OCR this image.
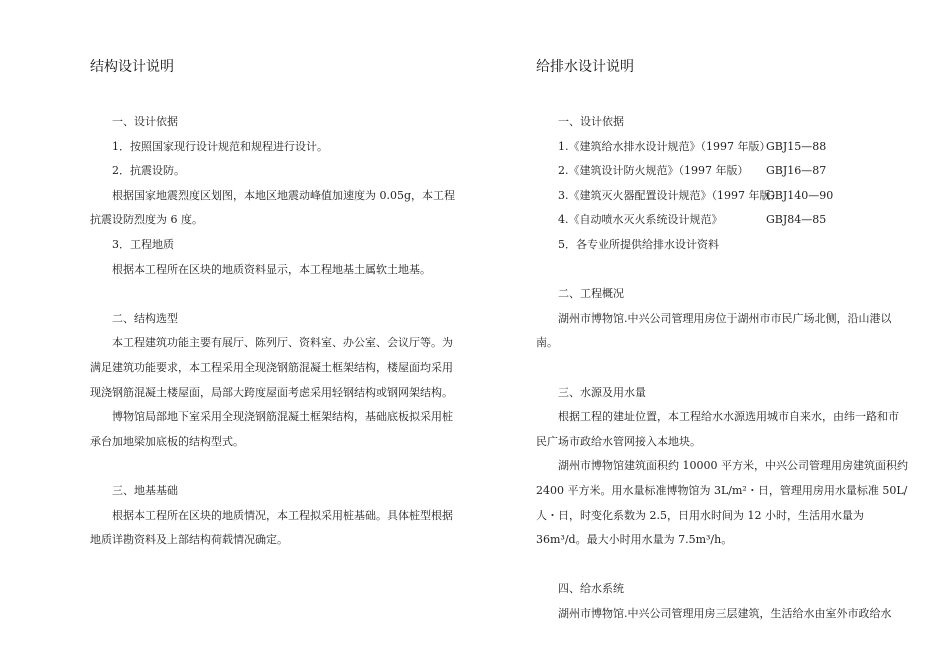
结构设计说明

一、设计依据

1．按照国家现行设计规范和规程进行设计。

2．抗震设防。

根据国家地震烈度区划图，本地区地震动峰值加速度为 0.05g，本工程抗震设防烈度为 6 度。

3．工程地质

根据本工程所在区块的地质资料显示，本工程地基土属软土地基。

二、结构选型

本工程建筑功能主要有展厅、陈列厅、资料室、办公室、会议厅等。为满足建筑功能要求，本工程采用全现浇钢筋混凝土框架结构，楼屋面均采用现浇钢筋混凝土楼屋面，局部大跨度屋面考虑采用轻钢结构或钢网架结构。

博物馆局部地下室采用全现浇钢筋混凝土框架结构，基础底板拟采用桩承台加地梁加底板的结构型式。

三、地基基础

根据本工程所在区块的地质情况，本工程拟采用桩基础。具体桩型根据地质详勘资料及上部结构荷载情况确定。

给排水设计说明

一、设计依据

1.《建筑给水排水设计规范》（1997 年版）
GBJ15—88
2.《建筑设计防火规范》（1997 年版）	GBJ16—87
3.《建筑灭火器配置设计规范》（1997 年版）
GBJ140—90
4.《自动喷水灭火系统设计规范》	GBJ84—85

5．各专业所提供给排水设计资料

二、工程概况

湖州市博物馆.中兴公司管理用房位于湖州市市民广场北侧，沿山港以南。

三、水源及用水量

根据工程的建址位置，本工程给水水源选用城市自来水，由纬一路和市民广场市政给水管网接入本地块。

湖州市博物馆建筑面积约 10000 平方米，中兴公司管理用房建筑面积约 2400 平方米。用水量标准博物馆为 3L/m²・日，管理用房用水量标准 50L/人・日，时变化系数为 2.5，日用水时间为 12 小时，生活用水量为 36m³/d。最大小时用水量为 7.5m³/h。

四、给水系统

湖州市博物馆.中兴公司管理用房三层建筑，生活给水由室外市政给水
